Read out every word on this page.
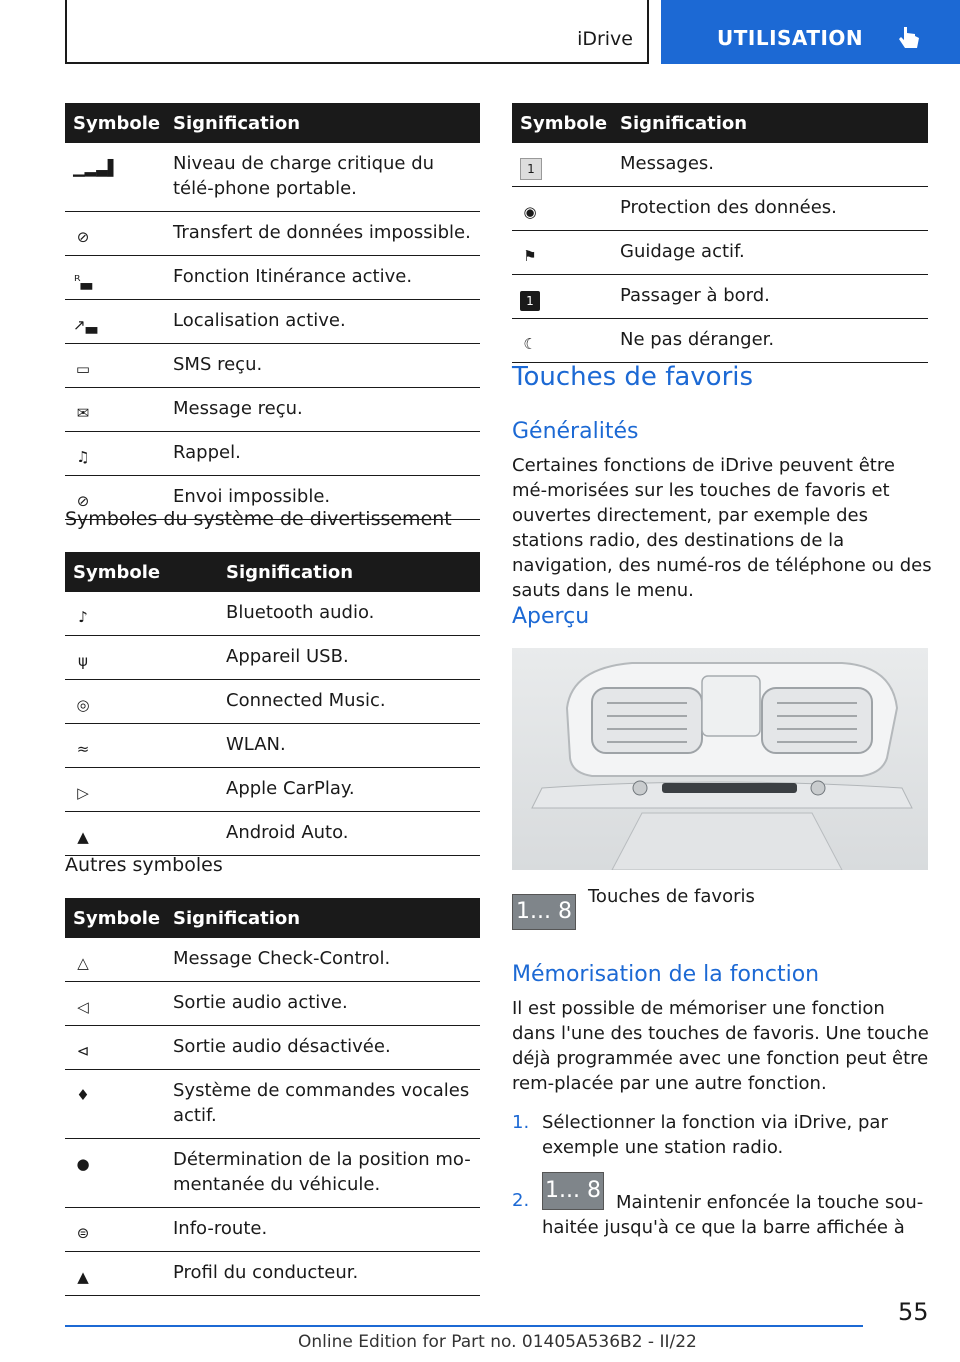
iDrive	UTILISATION
Symbole	Signification
▁▂▃▌	Niveau de charge critique du télé-phone portable.
⊘	Transfert de données impossible.
ᴿ▃	Fonction Itinérance active.
↗▃	Localisation active.
▭	SMS reçu.
✉	Message reçu.
♫	Rappel.
⊘	Envoi impossible.
Symboles du système de divertissement
Symbole	Signification
♪	Bluetooth audio.
ψ	Appareil USB.
◎	Connected Music.
≈	WLAN.
▷	Apple CarPlay.
▲	Android Auto.
Autres symboles
Symbole	Signification
△	Message Check-Control.
◁	Sortie audio active.
⊲	Sortie audio désactivée.
♦	Système de commandes vocales actif.
●	Détermination de la position mo-mentanée du véhicule.
⊜	Info-route.
▲	Profil du conducteur.
Symbole	Signification
1	Messages.
◉	Protection des données.
⚑	Guidage actif.
1	Passager à bord.
☾	Ne pas déranger.
Touches de favoris
Généralités
Certaines fonctions de iDrive peuvent être mé-morisées sur les touches de favoris et ouvertes directement, par exemple des stations radio, des destinations de la navigation, des numé-ros de téléphone ou des sauts dans le menu.
Aperçu
1... 8
Touches de favoris
Mémorisation de la fonction
Il est possible de mémoriser une fonction dans l'une des touches de favoris. Une touche déjà programmée avec une fonction peut être rem-placée par une autre fonction.
1. Sélectionner la fonction via iDrive, par exemple une station radio.
2. 1... 8 Maintenir enfoncée la touche sou-haitée jusqu'à ce que la barre affichée à
55
Online Edition for Part no. 01405A536B2 - II/22
